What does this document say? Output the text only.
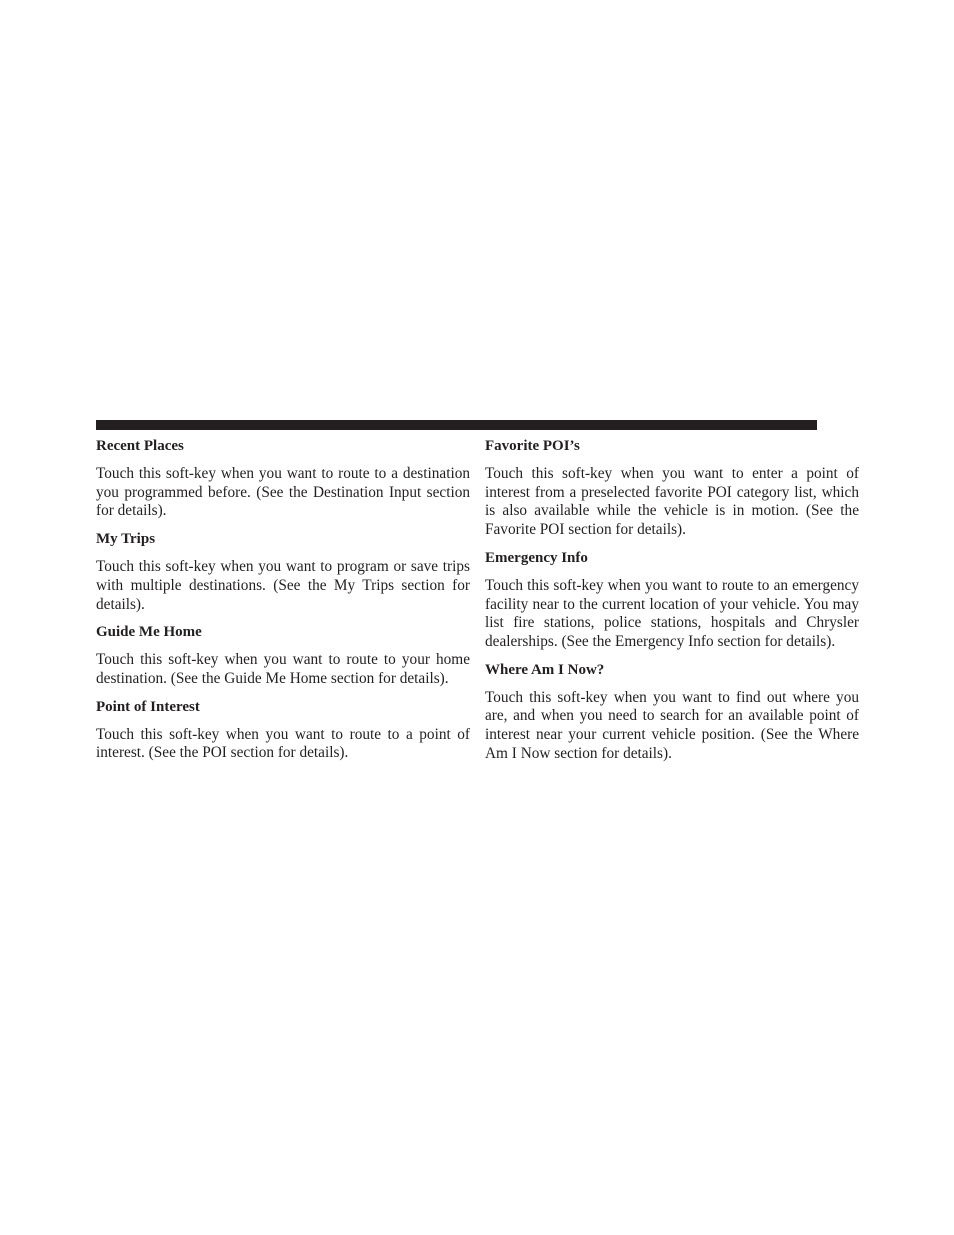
Recent Places

Touch this soft-key when you want to route to a destination you programmed before. (See the Destination Input section for details).

My Trips

Touch this soft-key when you want to program or save trips with multiple destinations. (See the My Trips section for details).

Guide Me Home

Touch this soft-key when you want to route to your home destination. (See the Guide Me Home section for details).

Point of Interest

Touch this soft-key when you want to route to a point of interest. (See the POI section for details).

Favorite POI’s

Touch this soft-key when you want to enter a point of interest from a preselected favorite POI category list, which is also available while the vehicle is in motion. (See the Favorite POI section for details).

Emergency Info

Touch this soft-key when you want to route to an emergency facility near to the current location of your vehicle. You may list fire stations, police stations, hospitals and Chrysler dealerships. (See the Emergency Info section for details).

Where Am I Now?

Touch this soft-key when you want to find out where you are, and when you need to search for an available point of interest near your current vehicle position. (See the Where Am I Now section for details).
